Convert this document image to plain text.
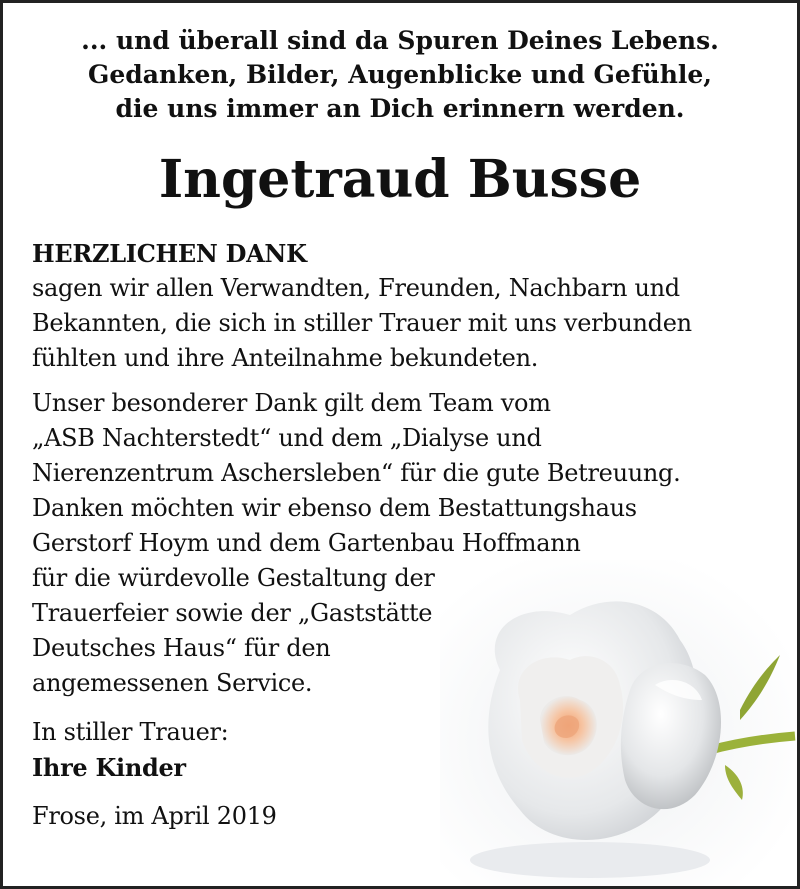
... und überall sind da Spuren Deines Lebens.
Gedanken, Bilder, Augenblicke und Gefühle,
die uns immer an Dich erinnern werden.
Ingetraud Busse
HERZLICHEN DANK
sagen wir allen Verwandten, Freunden, Nachbarn und
Bekannten, die sich in stiller Trauer mit uns verbunden
fühlten und ihre Anteilnahme bekundeten.
Unser besonderer Dank gilt dem Team vom
„ASB Nachterstedt“ und dem „Dialyse und
Nierenzentrum Aschersleben“ für die gute Betreuung.
Danken möchten wir ebenso dem Bestattungshaus
Gerstorf Hoym und dem Gartenbau Hoffmann
für die würdevolle Gestaltung der
Trauerfeier sowie der „Gaststätte
Deutsches Haus“ für den
angemessenen Service.
In stiller Trauer:
Ihre Kinder
Frose, im April 2019
